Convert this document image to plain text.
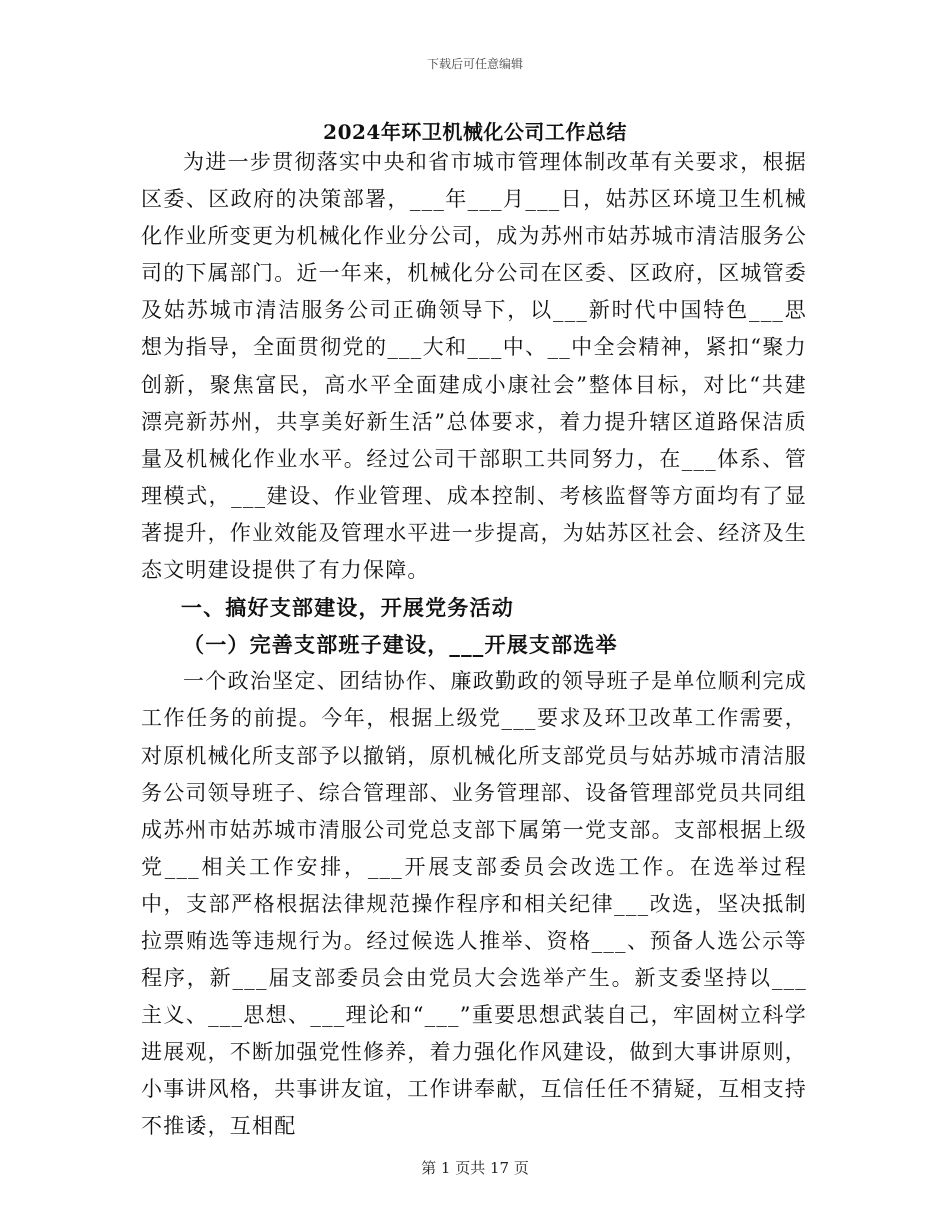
下载后可任意编辑
2024年环卫机械化公司工作总结

为进一步贯彻落实中央和省市城市管理体制改革有关要求，根据区委、区政府的决策部署，___年___月___日，姑苏区环境卫生机械化作业所变更为机械化作业分公司，成为苏州市姑苏城市清洁服务公司的下属部门。近一年来，机械化分公司在区委、区政府，区城管委及姑苏城市清洁服务公司正确领导下，以___新时代中国特色___思想为指导，全面贯彻党的___大和___中、__中全会精神，紧扣“聚力创新，聚焦富民，高水平全面建成小康社会”整体目标，对比“共建漂亮新苏州，共享美好新生活”总体要求，着力提升辖区道路保洁质量及机械化作业水平。经过公司干部职工共同努力，在___体系、管理模式，___建设、作业管理、成本控制、考核监督等方面均有了显著提升，作业效能及管理水平进一步提高，为姑苏区社会、经济及生态文明建设提供了有力保障。

一、搞好支部建设，开展党务活动
（一）完善支部班子建设，___开展支部选举

一个政治坚定、团结协作、廉政勤政的领导班子是单位顺利完成工作任务的前提。今年，根据上级党___要求及环卫改革工作需要，对原机械化所支部予以撤销，原机械化所支部党员与姑苏城市清洁服务公司领导班子、综合管理部、业务管理部、设备管理部党员共同组成苏州市姑苏城市清服公司党总支部下属第一党支部。支部根据上级党___相关工作安排，___开展支部委员会改选工作。在选举过程中，支部严格根据法律规范操作程序和相关纪律___改选，坚决抵制拉票贿选等违规行为。经过候选人推举、资格___、预备人选公示等程序，新___届支部委员会由党员大会选举产生。新支委坚持以___主义、___思想、___理论和“___”重要思想武装自己，牢固树立科学进展观，不断加强党性修养，着力强化作风建设，做到大事讲原则，小事讲风格，共事讲友谊，工作讲奉献，互信任任不猜疑，互相支持不推诿，互相配

第 1 页共 17 页
